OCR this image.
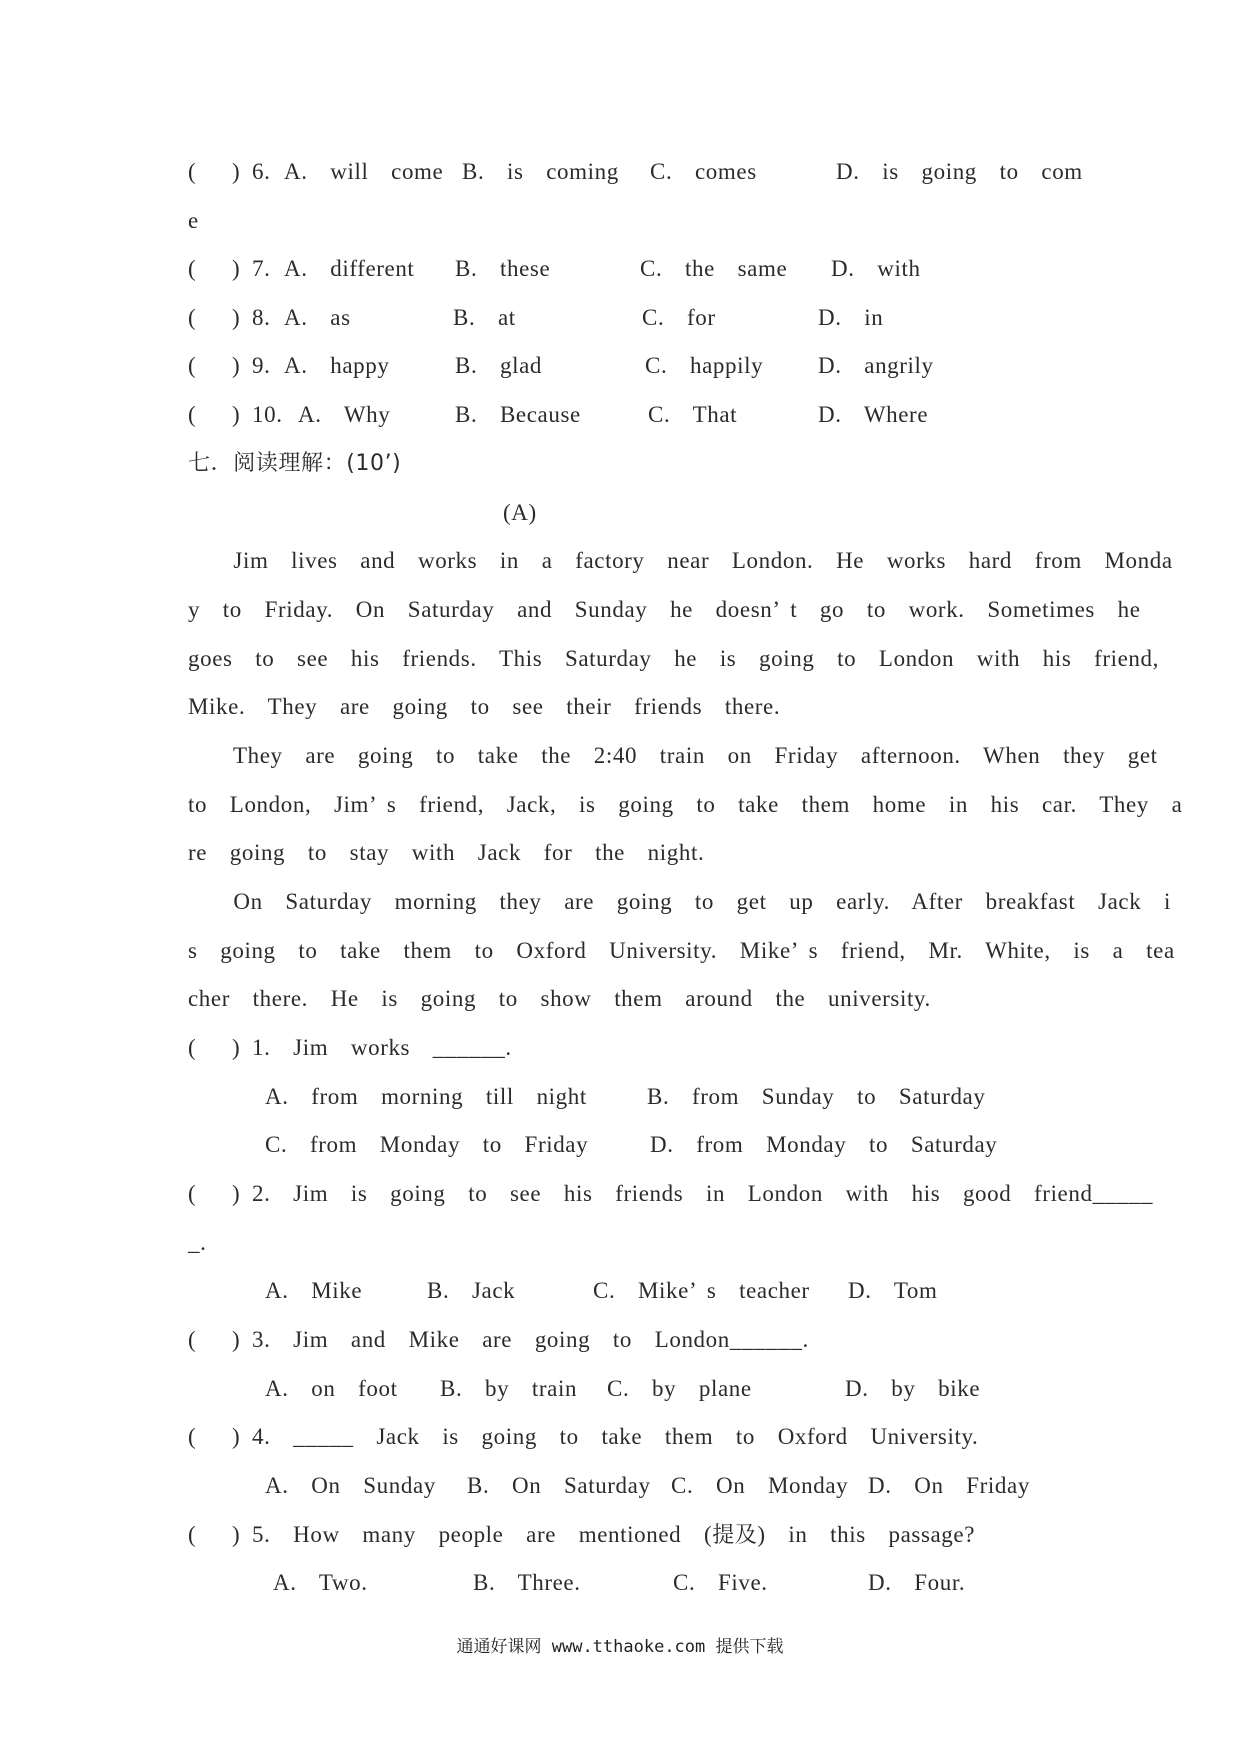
( ) 6. A.  will  come B.  is  coming C.  comes	D.  is  going  to  com
e
( ) 7. A.  different B.  these	C.  the  same D.  with
( ) 8. A.  as	B.  at	C.  for	D.  in
( ) 9. A.  happy	B.  glad	C.  happily D.  angrily
( ) 10. A.  Why	B.  Because	C.  That	D.  Where
七．阅读理解：(10’)
(A)
Jim  lives  and  works  in  a  factory  near  London.  He  works  hard  from  Monda
y  to  Friday.  On  Saturday  and  Sunday  he  doesn’ t  go  to  work.  Sometimes  he
goes  to  see  his  friends.  This  Saturday  he  is  going  to  London  with  his  friend,
Mike.  They  are  going  to  see  their  friends  there.
They  are  going  to  take  the  2:40  train  on  Friday  afternoon.  When  they  get
to  London,  Jim’ s  friend,  Jack,  is  going  to  take  them  home  in  his  car.  They  a
re  going  to  stay  with  Jack  for  the  night.
On  Saturday  morning  they  are  going  to  get  up  early.  After  breakfast  Jack  i
s  going  to  take  them  to  Oxford  University.  Mike’ s  friend,  Mr.  White,  is  a  tea
cher  there.  He  is  going  to  show  them  around  the  university.
( ) 1.  Jim  works  ______.
A.  from  morning  till  night	B.  from  Sunday  to  Saturday
C.  from  Monday  to  Friday	D.  from  Monday  to  Saturday
( ) 2.  Jim  is  going  to  see  his  friends  in  London  with  his  good  friend_____
_.
A.  Mike	B.  Jack	C.  Mike’ s  teacher D.  Tom
( ) 3.  Jim  and  Mike  are  going  to  London______.
A.  on  foot B.  by  train C.  by  plane	D.  by  bike
( ) 4.  _____  Jack  is  going  to  take  them  to  Oxford  University.
A.  On  Sunday B.  On  Saturday C.  On  Monday D.  On  Friday
( ) 5.  How  many  people  are  mentioned  (提及)  in  this  passage?
A.  Two.	B.  Three.	C.  Five.	D.  Four.
通通好课网 www.tthaoke.com 提供下载
